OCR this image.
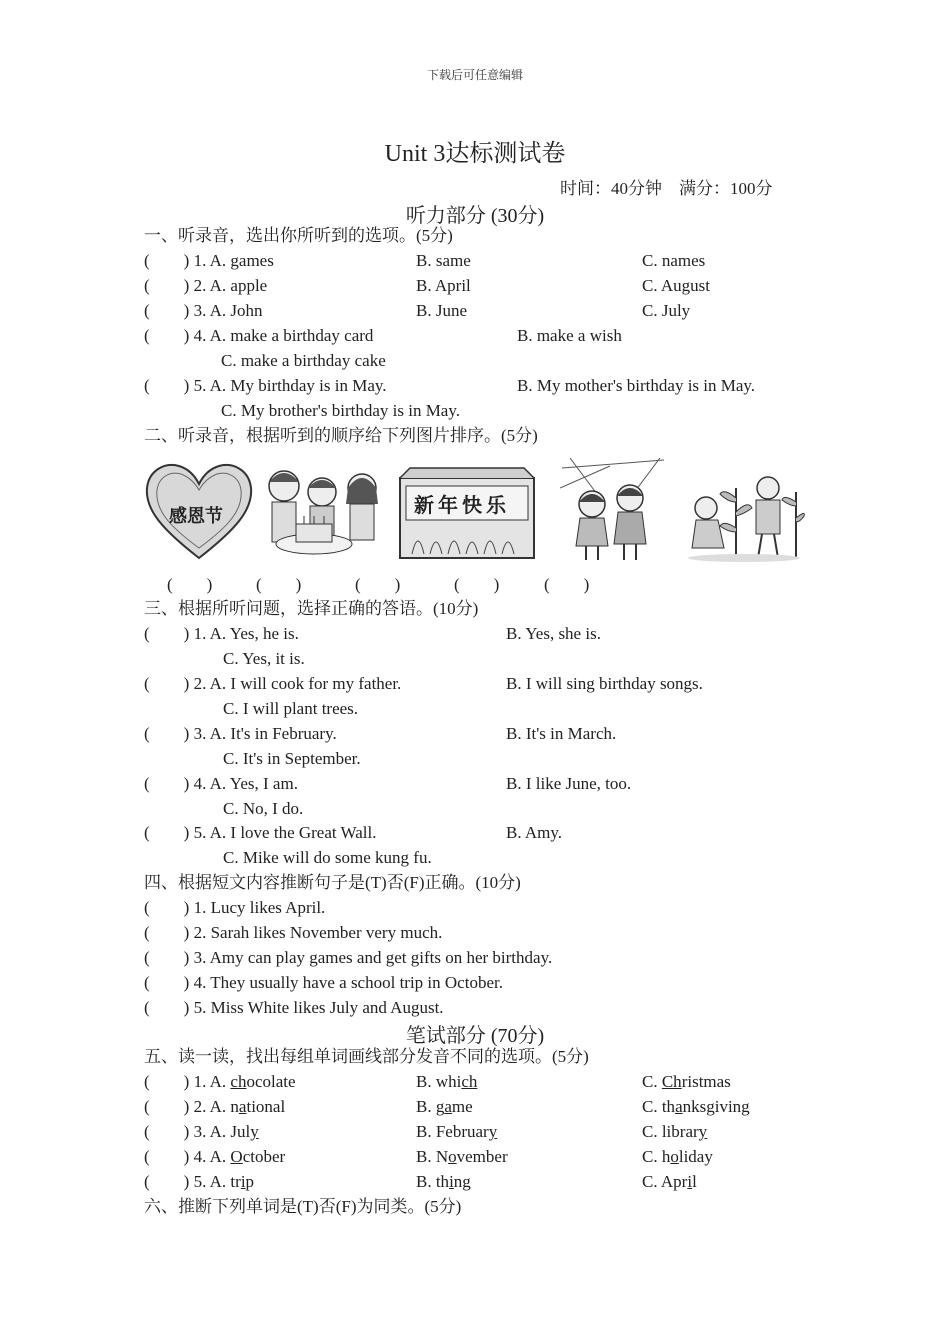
下载后可任意编辑
Unit 3达标测试卷
时间：40分钟　满分：100分
听力部分 (30分)
一、听录音，选出你所听到的选项。(5分)
(　　) 1. A. games	B. same	C. names
(　　) 2. A. apple	B. April	C. August
(　　) 3. A. John	B. June	C. July
(　　) 4. A. make a birthday card	B. make a wish
C. make a birthday cake
(　　) 5. A. My birthday is in May.	B. My mother's birthday is in May.
C. My brother's birthday is in May.
二、听录音，根据听到的顺序给下列图片排序。(5分)
感恩节	新年快乐
(　　)	(　　)	(　　)	(　　)	(　　)
三、根据所听问题，选择正确的答语。(10分)
(　　) 1. A. Yes, he is.	B. Yes, she is.
C. Yes, it is.
(　　) 2. A. I will cook for my father.	B. I will sing birthday songs.
C. I will plant trees.
(　　) 3. A. It's in February.	B. It's in March.
C. It's in September.
(　　) 4. A. Yes, I am.	B. I like June, too.
C. No, I do.
(　　) 5. A. I love the Great Wall.	B. Amy.
C. Mike will do some kung fu.
四、根据短文内容推断句子是(T)否(F)正确。(10分)
(　　) 1. Lucy likes April.
(　　) 2. Sarah likes November very much.
(　　) 3. Amy can play games and get gifts on her birthday.
(　　) 4. They usually have a school trip in October.
(　　) 5. Miss White likes July and August.
笔试部分 (70分)
五、读一读，找出每组单词画线部分发音不同的选项。(5分)
(　　) 1. A. chocolate	B. which	C. Christmas
(　　) 2. A. national	B. game	C. thanksgiving
(　　) 3. A. July	B. February	C. library
(　　) 4. A. October	B. November	C. holiday
(　　) 5. A. trip	B. thing	C. April
六、推断下列单词是(T)否(F)为同类。(5分)
